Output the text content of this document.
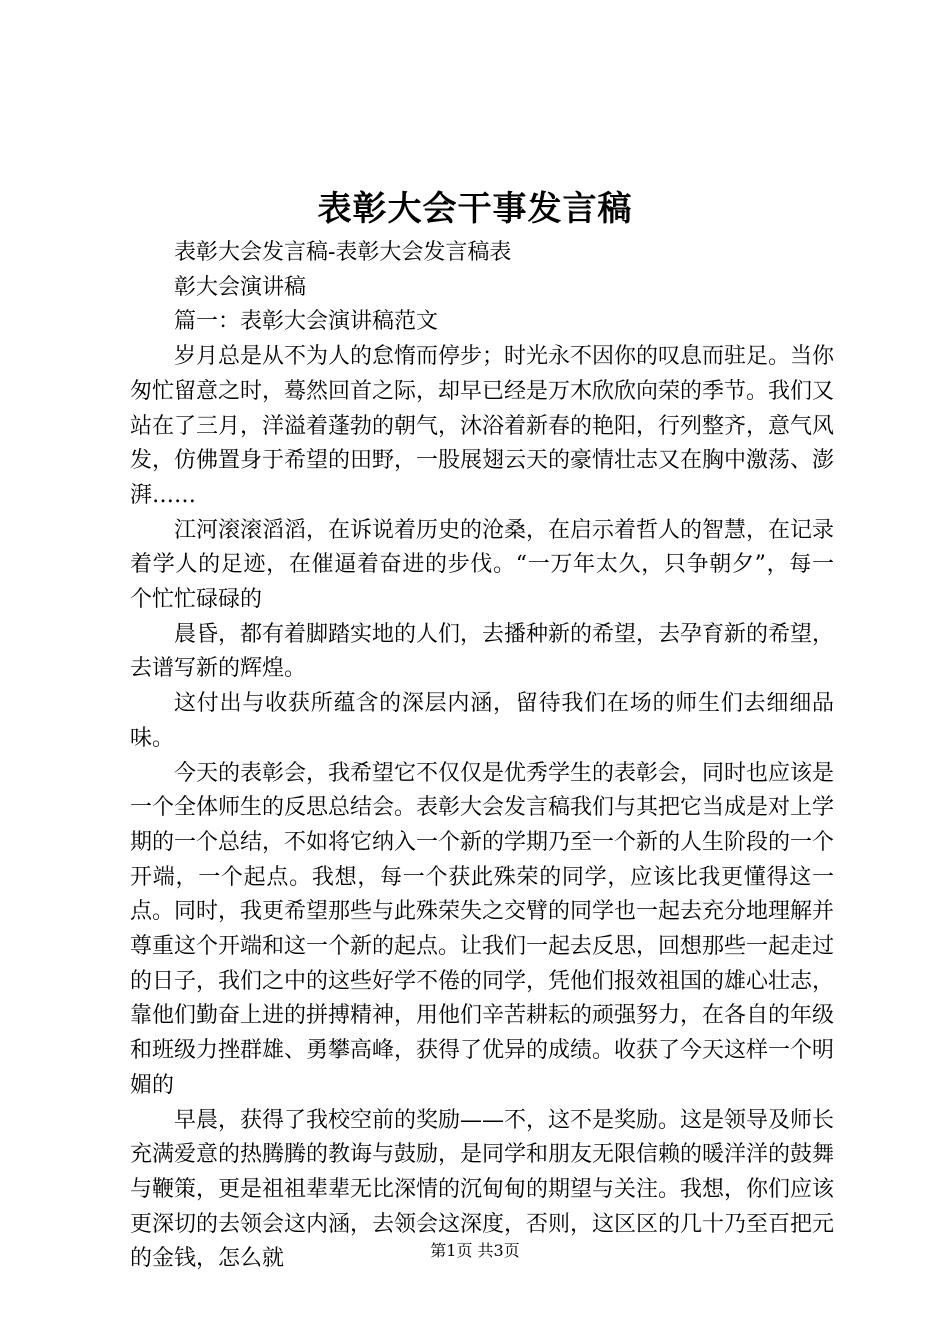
表彰大会干事发言稿

表彰大会发言稿-表彰大会发言稿表

彰大会演讲稿

篇一：表彰大会演讲稿范文

岁月总是从不为人的怠惰而停步；时光永不因你的叹息而驻足。当你匆忙留意之时，蓦然回首之际，却早已经是万木欣欣向荣的季节。我们又站在了三月，洋溢着蓬勃的朝气，沐浴着新春的艳阳，行列整齐，意气风发，仿佛置身于希望的田野，一股展翅云天的豪情壮志又在胸中激荡、澎湃……

江河滚滚滔滔，在诉说着历史的沧桑，在启示着哲人的智慧，在记录着学人的足迹，在催逼着奋进的步伐。“一万年太久，只争朝夕”，每一个忙忙碌碌的

晨昏，都有着脚踏实地的人们，去播种新的希望，去孕育新的希望，去谱写新的辉煌。

这付出与收获所蕴含的深层内涵，留待我们在场的师生们去细细品味。

今天的表彰会，我希望它不仅仅是优秀学生的表彰会，同时也应该是一个全体师生的反思总结会。表彰大会发言稿我们与其把它当成是对上学期的一个总结，不如将它纳入一个新的学期乃至一个新的人生阶段的一个开端，一个起点。我想，每一个获此殊荣的同学，应该比我更懂得这一点。同时，我更希望那些与此殊荣失之交臂的同学也一起去充分地理解并尊重这个开端和这一个新的起点。让我们一起去反思，回想那些一起走过的日子，我们之中的这些好学不倦的同学，凭他们报效祖国的雄心壮志，靠他们勤奋上进的拼搏精神，用他们辛苦耕耘的顽强努力，在各自的年级和班级力挫群雄、勇攀高峰，获得了优异的成绩。收获了今天这样一个明媚的

早晨，获得了我校空前的奖励——不，这不是奖励。这是领导及师长充满爱意的热腾腾的教诲与鼓励，是同学和朋友无限信赖的暖洋洋的鼓舞与鞭策，更是祖祖辈辈无比深情的沉甸甸的期望与关注。我想，你们应该更深切的去领会这内涵，去领会这深度，否则，这区区的几十乃至百把元的金钱，怎么就	第1页 共3页
